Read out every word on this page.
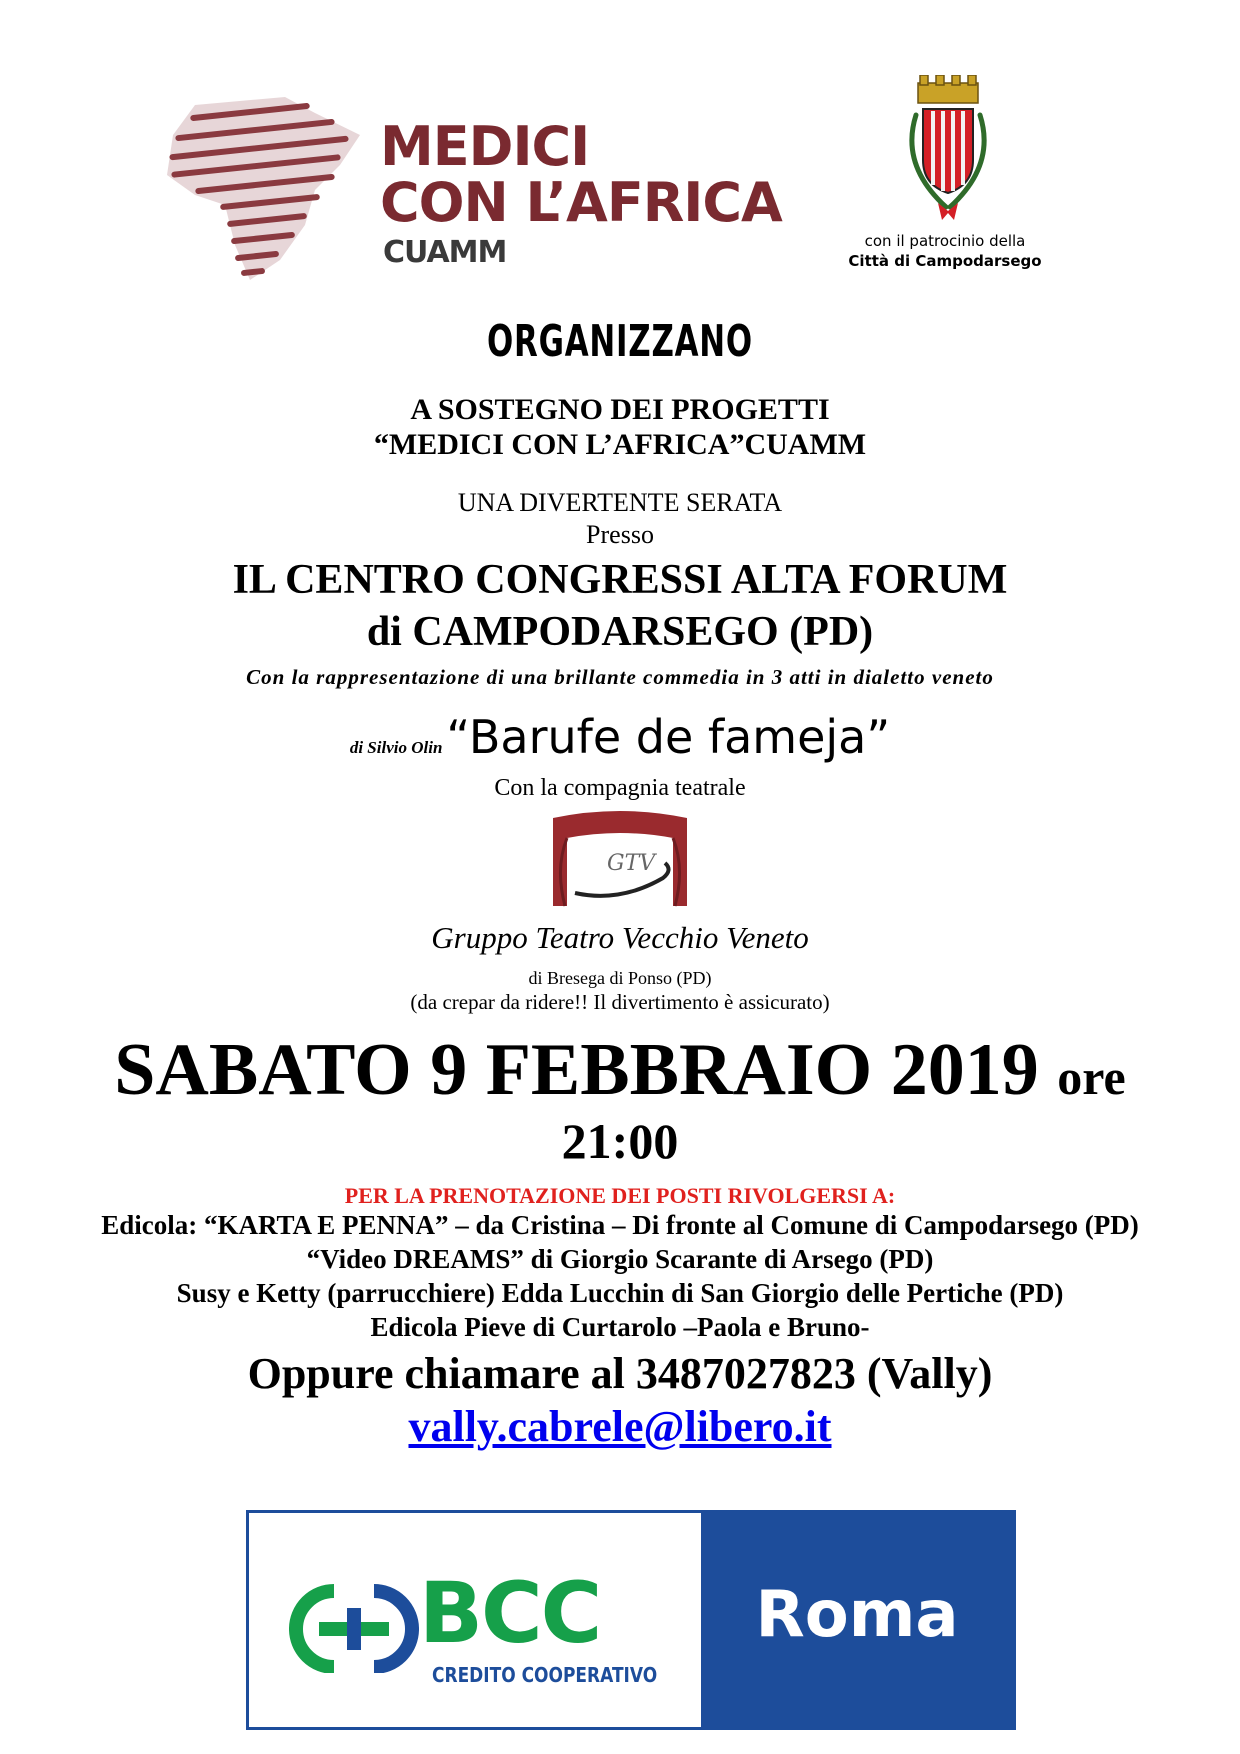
MEDICI
CON L’AFRICA
CUAMM	con il patrocinio della
Città di Campodarsego
ORGANIZZANO
A SOSTEGNO DEI PROGETTI
“MEDICI CON L’AFRICA”CUAMM
UNA DIVERTENTE SERATA
Presso
IL CENTRO CONGRESSI ALTA FORUM
di CAMPODARSEGO (PD)
Con la rappresentazione di una brillante commedia in 3 atti in dialetto veneto
di Silvio Olin “Barufe de fameja”
Con la compagnia teatrale
GTV
Gruppo Teatro Vecchio Veneto
di Bresega di Ponso (PD)
(da crepar da ridere!! Il divertimento è assicurato)
SABATO 9 FEBBRAIO 2019 ore
21:00
PER LA PRENOTAZIONE DEI POSTI RIVOLGERSI A:
Edicola: “KARTA E PENNA” – da Cristina – Di fronte al Comune di Campodarsego (PD)
“Video DREAMS” di Giorgio Scarante di Arsego (PD)
Susy e Ketty (parrucchiere) Edda Lucchin di San Giorgio delle Pertiche (PD)
Edicola Pieve di Curtarolo –Paola e Bruno-
Oppure chiamare al 3487027823 (Vally)
vally.cabrele@libero.it
BCC
CREDITO COOPERATIVO
Roma
